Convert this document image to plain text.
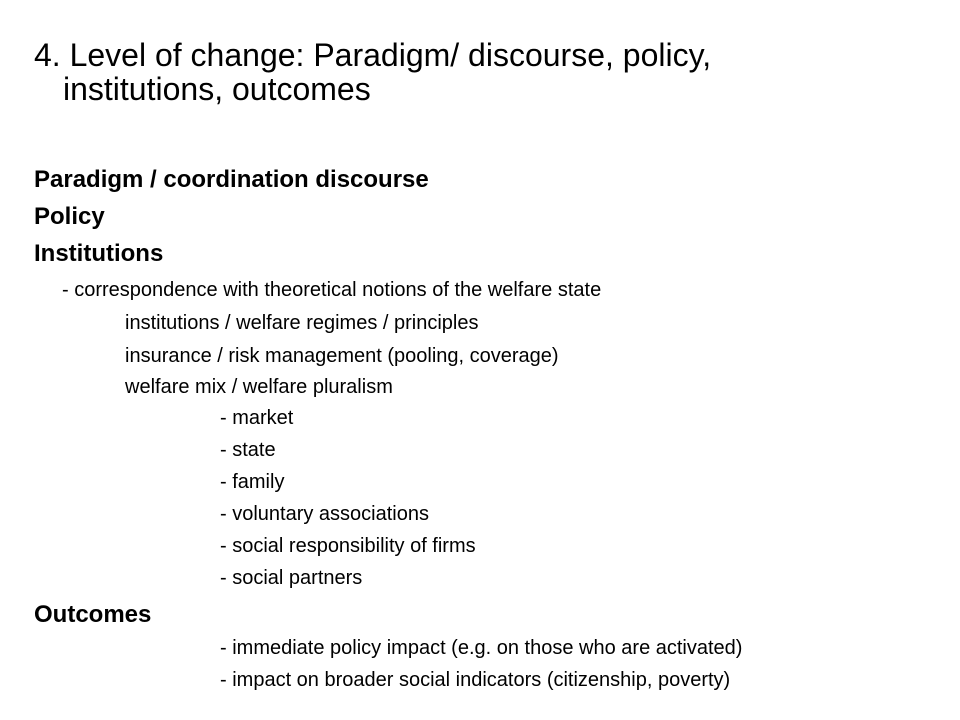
4. Level of change: Paradigm/ discourse, policy,
institutions, outcomes
Paradigm / coordination discourse
Policy
Institutions
- correspondence with theoretical notions of the welfare state
institutions / welfare regimes / principles
insurance / risk management (pooling, coverage)
welfare mix / welfare pluralism
- market
- state
- family
- voluntary associations
- social responsibility of firms
- social partners
Outcomes
- immediate policy impact (e.g. on those who are activated)
- impact on broader social indicators (citizenship, poverty)
